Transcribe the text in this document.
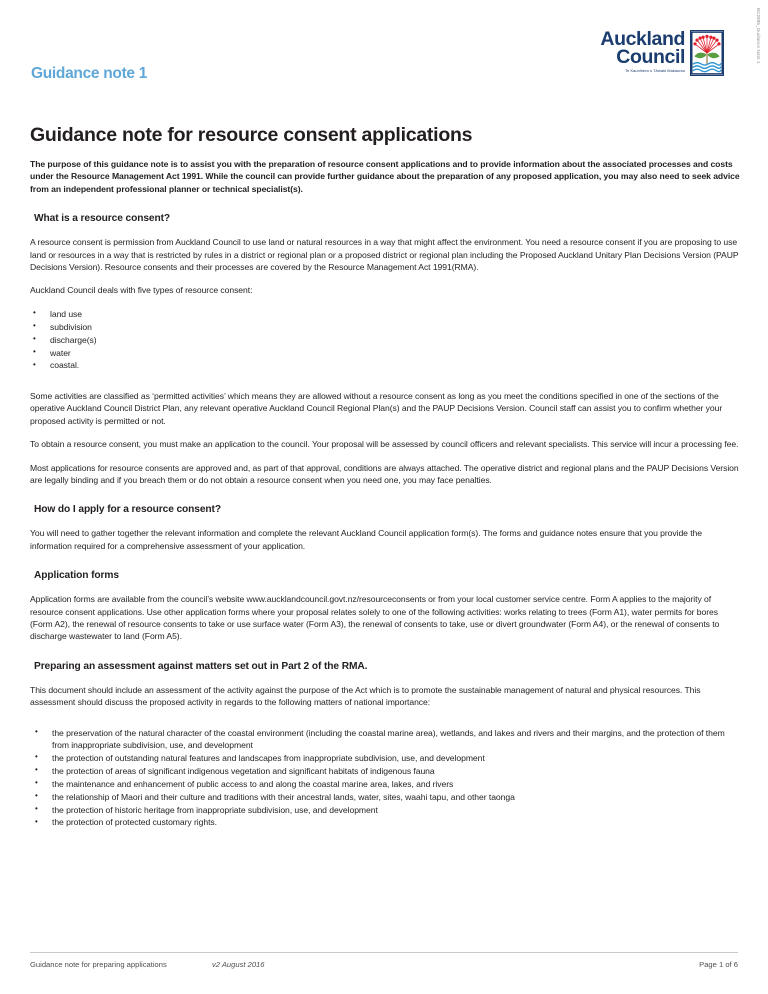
BC2895_Guidance Note 1
Auckland
Council
Te Kaunihera o Tāmaki Makaurau
Guidance note 1
Guidance note for resource consent applications

The purpose of this guidance note is to assist you with the preparation of resource consent applications and to provide information about the associated processes and costs under the Resource Management Act 1991. While the council can provide further guidance about the preparation of any proposed application, you may also need to seek advice from an independent professional planner or technical specialist(s).

What is a resource consent?

A resource consent is permission from Auckland Council to use land or natural resources in a way that might affect the environment. You need a resource consent if you are proposing to use land or resources in a way that is restricted by rules in a district or regional plan or a proposed district or regional plan including the Proposed Auckland Unitary Plan Decisions Version (PAUP Decisions Version). Resource consents and their processes are covered by the Resource Management Act 1991(RMA).

Auckland Council deals with five types of resource consent:

• land use
• subdivision
• discharge(s)
• water
• coastal.

Some activities are classified as ‘permitted activities’ which means they are allowed without a resource consent as long as you meet the conditions specified in one of the sections of the operative Auckland Council District Plan, any relevant operative Auckland Council Regional Plan(s) and the PAUP Decisions Version. Council staff can assist you to confirm whether your proposed activity is permitted or not.

To obtain a resource consent, you must make an application to the council. Your proposal will be assessed by council officers and relevant specialists. This service will incur a processing fee.

Most applications for resource consents are approved and, as part of that approval, conditions are always attached. The operative district and regional plans and the PAUP Decisions Version are legally binding and if you breach them or do not obtain a resource consent when you need one, you may face penalties.

How do I apply for a resource consent?

You will need to gather together the relevant information and complete the relevant Auckland Council application form(s). The forms and guidance notes ensure that you provide the information required for a comprehensive assessment of your application.

Application forms

Application forms are available from the council’s website www.aucklandcouncil.govt.nz/resourceconsents or from your local customer service centre. Form A applies to the majority of resource consent applications. Use other application forms where your proposal relates solely to one of the following activities: works relating to trees (Form A1), water permits for bores (Form A2), the renewal of resource consents to take or use surface water (Form A3), the renewal of consents to take, use or divert groundwater (Form A4), or the renewal of consents to discharge wastewater to land (Form A5).

Preparing an assessment against matters set out in Part 2 of the RMA.

This document should include an assessment of the activity against the purpose of the Act which is to promote the sustainable management of natural and physical resources. This assessment should discuss the proposed activity in regards to the following matters of national importance:

• the preservation of the natural character of the coastal environment (including the coastal marine area), wetlands, and lakes and rivers and their margins, and the protection of them from inappropriate subdivision, use, and development
• the protection of outstanding natural features and landscapes from inappropriate subdivision, use, and development
• the protection of areas of significant indigenous vegetation and significant habitats of indigenous fauna
• the maintenance and enhancement of public access to and along the coastal marine area, lakes, and rivers
• the relationship of Maori and their culture and traditions with their ancestral lands, water, sites, waahi tapu, and other taonga
• the protection of historic heritage from inappropriate subdivision, use, and development
• the protection of protected customary rights.
Guidance note for preparing applications	v2 August 2016	Page 1 of 6
